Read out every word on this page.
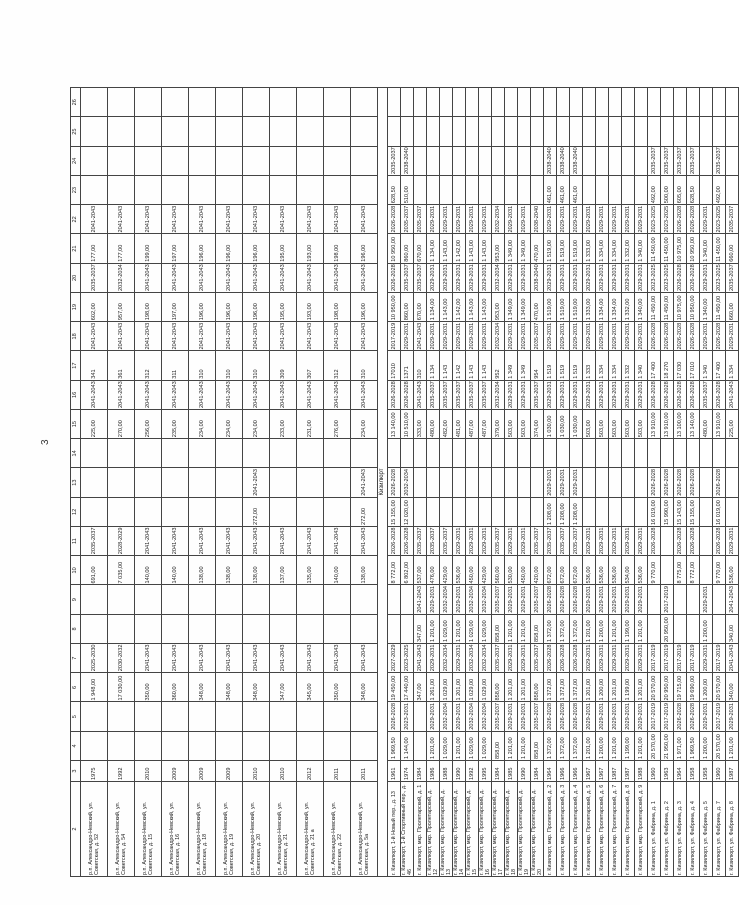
3
2	3	4	5	6	7	8	9	10	11	12	13	14	15	16	17	18	19	20	21	22	23	24	25	26
р.п. Александро-Невский, ул. Советская, д. 52	1975			1 948,00	2025-2030			691,00	2035-2037				225,00	2041-2043	341	2041-2043	602,00	2035-2037	177,00	2041-2043				
р.п. Александро-Невский, ул. Советская, д. 54	1992			17 030,00	2030-2032			7 035,00	2028-2029				270,00	2041-2043	361	2041-2043	957,00	2032-2034	177,00	2041-2043				
р.п. Александро-Невский, ул. Советская, д. 15	2010			350,00	2041-2043			140,00	2041-2043				256,00	2041-2043	312	2041-2043	198,00	2041-2043	199,00	2041-2043				
р.п. Александро-Невский, ул. Советская, д. 16	2009			360,00	2041-2043			140,00	2041-2043				235,00	2041-2043	311	2041-2043	197,00	2041-2043	197,00	2041-2043				
р.п. Александро-Невский, ул. Советская, д. 18	2009			348,00	2041-2043			138,00	2041-2043				234,00	2041-2043	310	2041-2043	196,00	2041-2043	196,00	2041-2043				
р.п. Александро-Невский, ул. Советская, д. 19	2009			348,00	2041-2043			138,00	2041-2043				234,00	2041-2043	310	2041-2043	196,00	2041-2043	196,00	2041-2043				
р.п. Александро-Невский, ул. Советская, д. 20	2010			348,00	2041-2043			138,00	2041-2043	272,00	2041-2043		234,00	2041-2043	310	2041-2043	196,00	2041-2043	196,00	2041-2043				
р.п. Александро-Невский, ул. Советская, д. 21	2010			347,00	2041-2043			137,00	2041-2043				233,00	2041-2043	309	2041-2043	195,00	2041-2043	195,00	2041-2043				
р.п. Александро-Невский, ул. Советская, д. 21 а	2012			345,00	2041-2043			135,00	2041-2043				231,00	2041-2043	307	2041-2043	193,00	2041-2043	193,00	2041-2043				
р.п. Александро-Невский, ул. Советская, д. 22	2011			350,00	2041-2043			140,00	2041-2043				276,00	2041-2043	312	2041-2043	198,00	2041-2043	198,00	2041-2043				
р.п. Александро-Невский, ул. Советская, д. 5а	2011			348,00	2041-2043			138,00	2041-2043	272,00	2041-2043		234,00	2041-2043	310	2041-2043	196,00	2041-2043	196,00	2041-2043				
Кизилюрт																								
г. Кизилюрт, 1-й Новый пер., д. 13	1961	1 969,50	2026-2028	19 450,00	2027-2029			8 772,00	2026-2028	15 155,00	2026-2028		13 140,00	2026-2028	17010	2017-2019	10 950,00	2026-2028	10 950,00	2026-2028	628,50	2035-2037		
г. Кизилюрт, 1-й Спортивный пер., д. 46	1974	1 144,00	2023-2031	17 440,00	2023-2025			6 802,00	2026-2028	12 020,00	2032-2034		10 510,00	2026-2028	1371	2029-2031	860,00	2035-2037	860,00	2035-2037	510,00	2038-2040		
г. Кизилюрт, мкр. Пролетарский, д. 1	1984			347,00	2041-2043	347,00	2041-2043	537,00	2035-2037				333,00	2041-2043	310	2041-2043	670,00	2035-2037	670,00	2035-2037				
г. Кизилюрт, мкр. Пролетарский, д. 12	1986	1 201,00	2029-2031	1 261,00	2029-2031	1 201,00	2029-2031	476,00	2035-2037				480,00	2035-2037	1 134	2029-2031	1 134,00	2029-2031	1 134,00	2029-2031				
г. Кизилюрт, мкр. Пролетарский, д. 13	1988	1 029,00	2032-2034	1 029,00	2032-2034	1 029,00	2032-2034	429,00	2035-2037				482,00	2035-2037	1 143	2029-2031	1 143,00	2029-2031	1 143,00	2029-2031				
г. Кизилюрт, мкр. Пролетарский, д. 14	1990	1 201,00	2029-2031	1 201,00	2029-2031	1 201,00	2029-2031	536,00	2029-2031				481,00	2035-2037	1 142	2029-2031	1 142,00	2029-2031	1 142,00	2029-2031				
г. Кизилюрт, мкр. Пролетарский, д. 15	1992	1 029,00	2032-2034	1 029,00	2032-2034	1 029,00	2032-2034	450,00	2029-2031				487,00	2035-2037	1 143	2029-2031	1 143,00	2029-2031	1 143,00	2029-2031				
г. Кизилюрт, мкр. Пролетарский, д. 16	1995	1 029,00	2032-2034	1 029,00	2032-2034	1 029,00	2032-2034	429,00	2029-2031				487,00	2035-2037	1 143	2029-2031	1 143,00	2029-2031	1 143,00	2029-2031				
г. Кизилюрт, мкр. Пролетарский, д. 17	1984	858,00	2035-2037	858,00	2035-2037	858,00	2035-2037	560,00	2035-2037				379,00	2032-2034	952	2032-2034	953,00	2032-2034	953,00	2032-2034				
г. Кизилюрт, мкр. Пролетарский, д. 18	1985	1 201,00	2029-2031	1 201,00	2029-2031	1 201,00	2029-2031	530,00	2029-2031				503,00	2029-2031	1 349	2029-2031	1 349,00	2029-2031	1 349,00	2029-2031				
г. Кизилюрт, мкр. Пролетарский, д. 19	1990	1 201,00	2029-2031	1 201,00	2029-2031	1 201,00	2029-2031	450,00	2029-2031				503,00	2029-2031	1 349	2029-2031	1 349,00	2029-2031	1 349,00	2029-2031				
г. Кизилюрт, мкр. Пролетарский, д. 20	1984	858,00	2035-2037	858,00	2035-2037	858,00	2035-2037	420,00	2035-2037				374,00	2035-2037	954	2035-2037	470,00	2038-2040	470,00	2038-2040				
г. Кизилюрт, мкр. Пролетарский, д. 2	1964	1 372,00	2026-2028	1 372,00	2026-2028	1 372,00	2026-2028	672,00	2035-2037	1 208,00	2029-2031		1 030,00	2029-2031	1 519	2029-2031	1 519,00	2029-2031	1 519,00	2029-2031	461,00	2038-2040		
г. Кизилюрт, мкр. Пролетарский, д. 3	1966	1 372,00	2026-2028	1 372,00	2026-2028	1 372,00	2026-2028	672,00	2035-2037	1 208,00	2029-2031		1 030,00	2029-2031	1 519	2029-2031	1 519,00	2029-2031	1 519,00	2029-2031	461,00	2038-2040		
г. Кизилюрт, мкр. Пролетарский, д. 4	1966	1 372,00	2026-2028	1 372,00	2026-2028	1 372,00	2026-2028	672,00	2035-2037	1 208,00	2029-2031		1 030,00	2029-2031	1 519	2029-2031	1 519,00	2029-2031	1 519,00	2029-2031	461,00	2038-2040		
г. Кизилюрт, мкр. Пролетарский, д. 5	1967	1 201,00	2029-2031	1 201,00	2029-2031	1 201,00	2029-2031	536,00	2029-2031				503,00	2029-2031	1 333	2029-2031	1 333,00	2029-2031	1 333,00	2029-2031				
г. Кизилюрт, мкр. Пролетарский, д. 6	1967	1 200,00	2029-2031	1 200,00	2029-2031	1 200,00	2029-2031	536,00	2029-2031				503,00	2029-2031	1 334	2029-2031	1 334,00	2029-2031	1 334,00	2029-2031				
г. Кизилюрт, мкр. Пролетарский, д. 7	1987	1 201,00	2029-2031	1 201,00	2029-2031	1 201,00	2029-2031	536,00	2029-2031				503,00	2029-2031	1 334	2029-2031	1 334,00	2029-2031	1 334,00	2029-2031				
г. Кизилюрт, мкр. Пролетарский, д. 8	1987	1 199,00	2029-2031	1 199,00	2029-2031	1 199,00	2029-2031	534,00	2029-2031				503,00	2029-2031	1 332	2029-2031	1 332,00	2029-2031	1 332,00	2029-2031				
г. Кизилюрт, мкр. Пролетарский, д. 9	1988	1 201,00	2029-2031	1 201,00	2029-2031	1 201,00	2029-2031	536,00	2029-2031				503,00	2029-2031	1 340	2029-2031	1 340,00	2029-2031	1 340,00	2029-2031				
г. Кизилюрт, ул. Фабрина, д. 1	1960	20 570,00	2017-2019	20 570,00	2017-2019			9 770,00	2026-2028	16 019,00	2026-2028		13 910,00	2026-2028	17 400	2026-2028	11 450,00	2023-2025	11 450,00	2023-2025	492,00	2035-2037		
г. Кизилюрт, ул. Фабрина, д. 2	1963	21 950,00	2017-2019	20 950,00	2017-2019	20 950,00	2017-2019			15 990,00	2026-2028		13 910,00	2026-2028	18 270	2026-2028	11 450,00	2023-2025	11 450,00	2023-2025	500,00	2035-2037		
г. Кизилюрт, ул. Фабрина, д. 3	1964	1 971,00	2026-2028	19 715,00	2017-2019			8 775,00	2026-2028	15 143,00	2026-2028		13 100,00	2026-2028	17 030	2026-2028	10 975,00	2026-2028	10 975,00	2026-2028	605,00	2035-2037		
г. Кизилюрт, ул. Фабрина, д. 4	1958	1 969,50	2026-2028	19 690,00	2017-2019			8 772,00	2026-2028	15 155,00	2026-2028		13 140,00	2026-2028	17 010	2026-2028	10 950,00	2026-2028	10 950,00	2026-2028	628,50	2035-2037		
г. Кизилюрт, ул. Фабрина, д. 5	1958	1 200,00	2029-2031	1 200,00	2029-2031	1 200,00	2029-2031						480,00	2035-2037	1 340	2029-2031	1 340,00	2029-2031	1 340,00	2029-2031				
г. Кизилюрт, ул. Фабрина, д. 7	1960	20 570,00	2017-2019	20 570,00	2017-2019			9 770,00	2026-2028	16 019,00	2026-2028		13 910,00	2026-2028	17 400	2026-2028	11 450,00	2023-2025	11 450,00	2023-2025	492,00	2035-2037		
г. Кизилюрт, ул. Фабрина, д. 8	1987	1 201,00	2029-2031	340,00	2041-2043	340,00	2041-2043	536,00	2029-2031				225,00	2041-2043	1 334	2029-2031	660,00	2035-2037	660,00	2035-2037				
